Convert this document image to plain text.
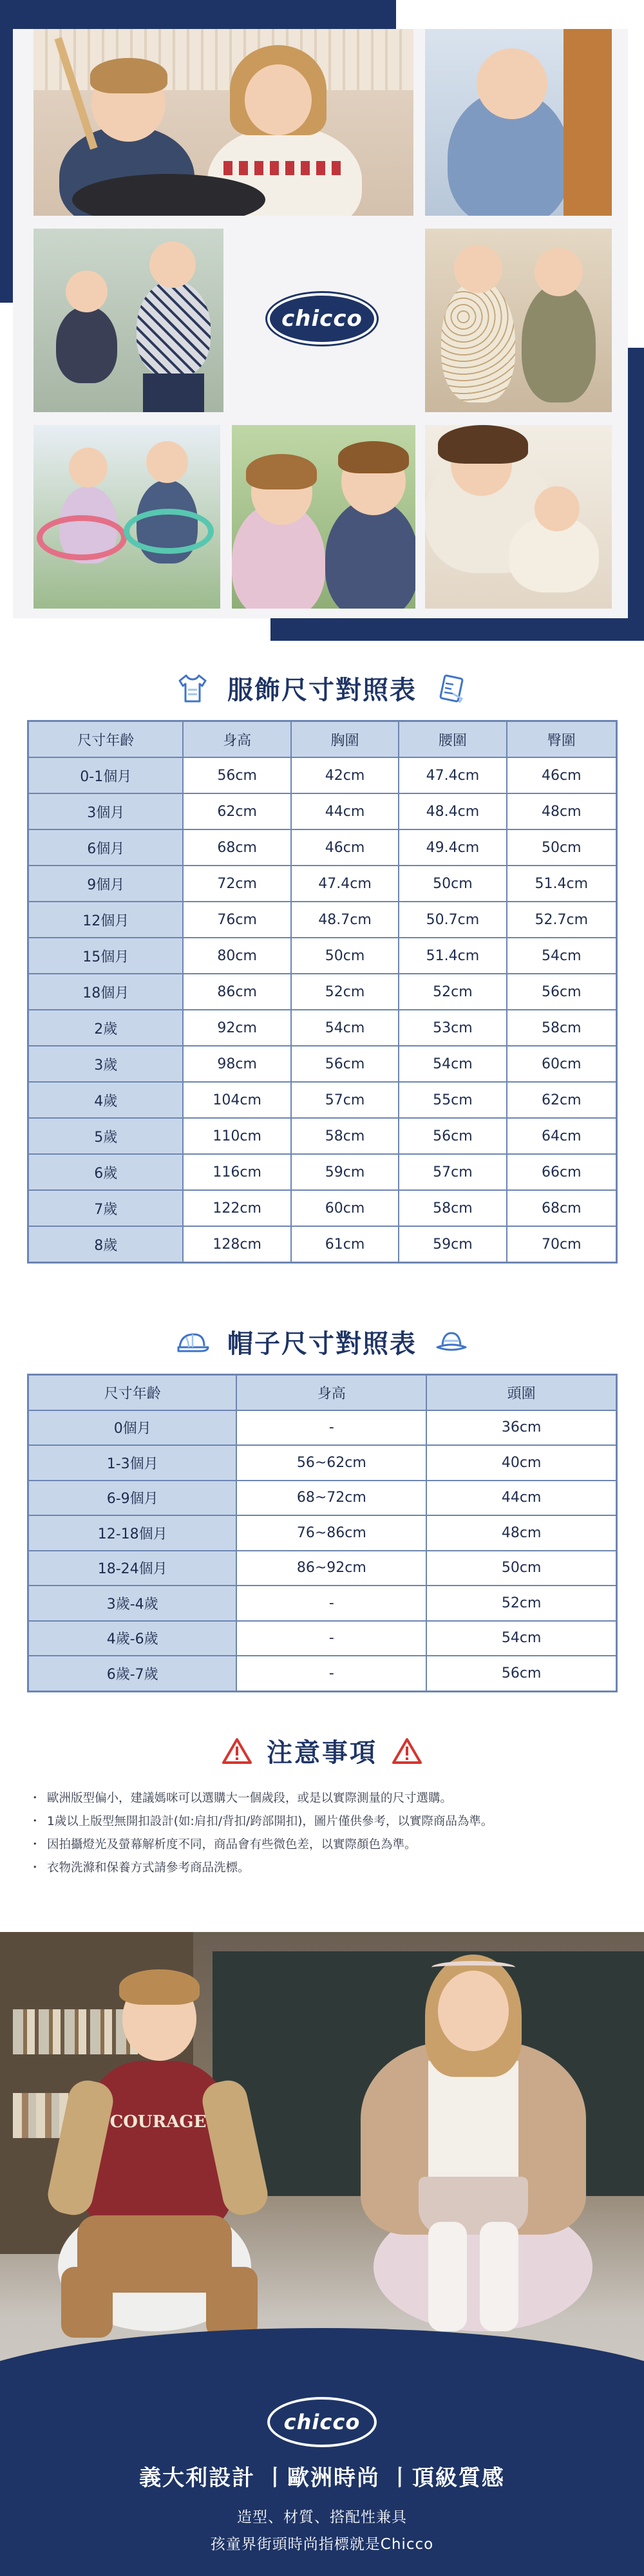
chicco
服飾尺寸對照表
尺寸年齡	身高	胸圍	腰圍	臀圍
0-1個月	56cm	42cm	47.4cm	46cm
3個月	62cm	44cm	48.4cm	48cm
6個月	68cm	46cm	49.4cm	50cm
9個月	72cm	47.4cm	50cm	51.4cm
12個月	76cm	48.7cm	50.7cm	52.7cm
15個月	80cm	50cm	51.4cm	54cm
18個月	86cm	52cm	52cm	56cm
2歲	92cm	54cm	53cm	58cm
3歲	98cm	56cm	54cm	60cm
4歲	104cm	57cm	55cm	62cm
5歲	110cm	58cm	56cm	64cm
6歲	116cm	59cm	57cm	66cm
7歲	122cm	60cm	58cm	68cm
8歲	128cm	61cm	59cm	70cm
帽子尺寸對照表
尺寸年齡	身高	頭圍
0個月	-	36cm
1-3個月	56~62cm	40cm
6-9個月	68~72cm	44cm
12-18個月	76~86cm	48cm
18-24個月	86~92cm	50cm
3歲-4歲	-	52cm
4歲-6歲	-	54cm
6歲-7歲	-	56cm
注意事項
・ 歐洲版型偏小，建議媽咪可以選購大一個歲段，或是以實際測量的尺寸選購。
・ 1歲以上版型無開扣設計(如:肩扣/背扣/跨部開扣)，圖片僅供參考，以實際商品為準。
・ 因拍攝燈光及螢幕解析度不同，商品會有些微色差，以實際顏色為準。
・ 衣物洗滌和保養方式請參考商品洗標。
COURAGE
chicco
義大利設計 丨歐洲時尚 丨頂級質感
造型、材質、搭配性兼具
孩童界街頭時尚指標就是Chicco
